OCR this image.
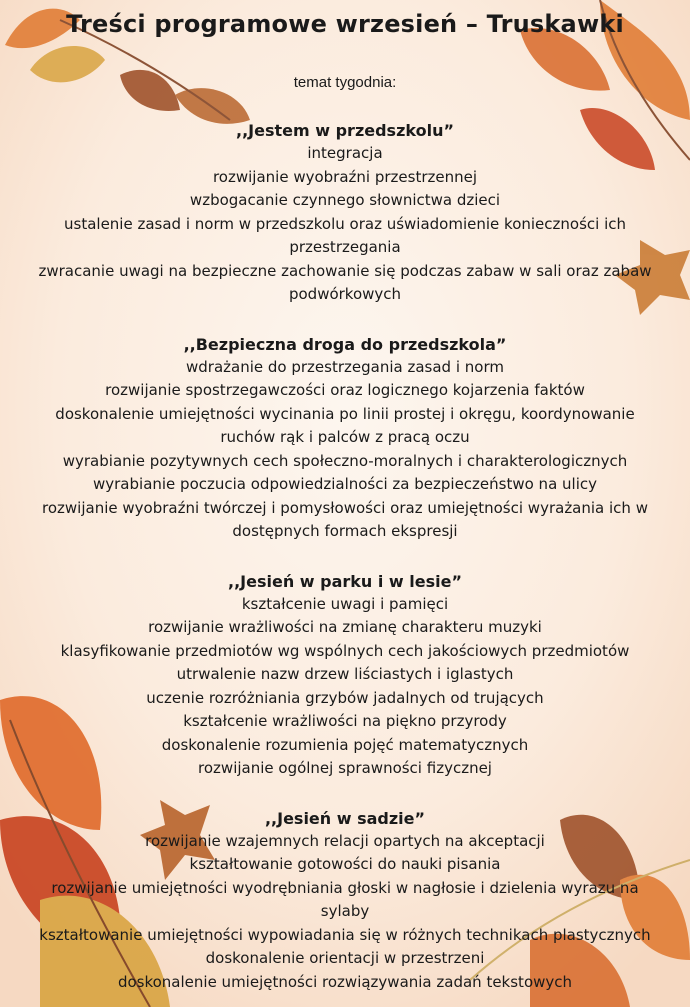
Treści programowe wrzesień – Truskawki
temat tygodnia:
,,Jestem w przedszkolu”
integracja
rozwijanie wyobraźni przestrzennej
wzbogacanie czynnego słownictwa dzieci
ustalenie zasad i norm w przedszkolu oraz uświadomienie konieczności ich przestrzegania
zwracanie uwagi na bezpieczne zachowanie się podczas zabaw w sali oraz zabaw podwórkowych
,,Bezpieczna droga do przedszkola”
wdrażanie do przestrzegania zasad i norm
rozwijanie spostrzegawczości oraz logicznego kojarzenia faktów
doskonalenie umiejętności wycinania po linii prostej i okręgu, koordynowanie ruchów rąk i palców z pracą oczu
wyrabianie pozytywnych cech społeczno-moralnych i charakterologicznych
wyrabianie poczucia odpowiedzialności za bezpieczeństwo na ulicy
rozwijanie wyobraźni twórczej i pomysłowości oraz umiejętności wyrażania ich w dostępnych formach ekspresji
,,Jesień w parku i w lesie”
kształcenie uwagi i pamięci
rozwijanie wrażliwości na zmianę charakteru muzyki
klasyfikowanie przedmiotów wg wspólnych cech jakościowych przedmiotów
utrwalenie nazw drzew liściastych i iglastych
uczenie rozróżniania grzybów jadalnych od trujących
kształcenie wrażliwości na piękno przyrody
doskonalenie rozumienia pojęć matematycznych
rozwijanie ogólnej sprawności fizycznej
,,Jesień w sadzie”
rozwijanie wzajemnych relacji opartych na akceptacji
kształtowanie gotowości do nauki pisania
rozwijanie umiejętności wyodrębniania głoski w nagłosie i dzielenia wyrazu na sylaby
kształtowanie umiejętności wypowiadania się w różnych technikach plastycznych
doskonalenie orientacji w przestrzeni
doskonalenie umiejętności rozwiązywania zadań tekstowych
